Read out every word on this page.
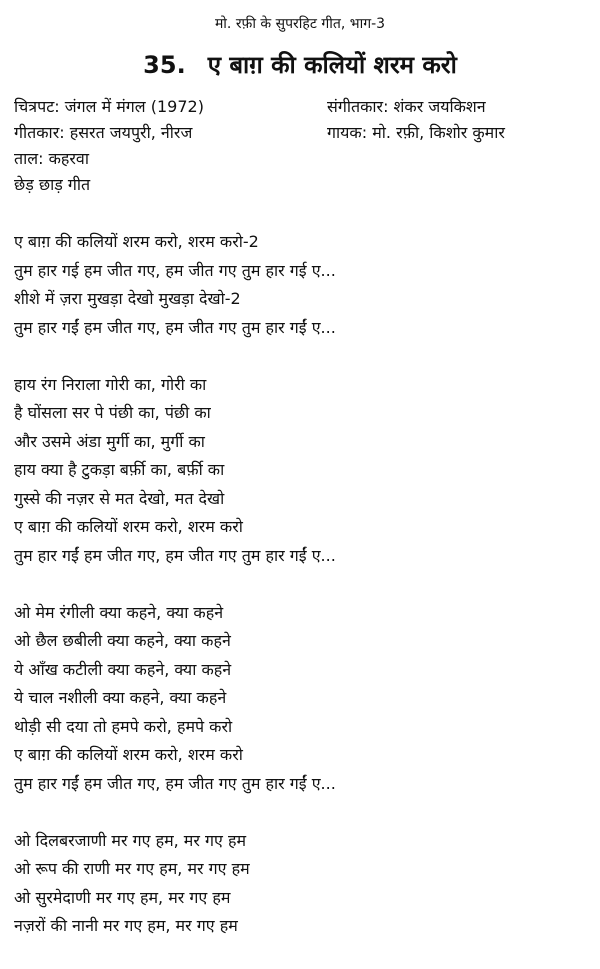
मो. रफ़ी के सुपरहिट गीत, भाग-3
35. ए बाग़ की कलियों शरम करो
चित्रपट: जंगल में मंगल (1972)	संगीतकार: शंकर जयकिशन
गीतकार: हसरत जयपुरी, नीरज	गायक: मो. रफ़ी, किशोर कुमार
ताल: कहरवा
छेड़ छाड़ गीत
ए बाग़ की कलियों शरम करो, शरम करो-2
तुम हार गई हम जीत गए, हम जीत गए तुम हार गई ए...
शीशे में ज़रा मुखड़ा देखो मुखड़ा देखो-2
तुम हार गईं हम जीत गए, हम जीत गए तुम हार गईं ए...
हाय रंग निराला गोरी का, गोरी का
है घोंसला सर पे पंछी का, पंछी का
और उसमे अंडा मुर्गी का, मुर्गी का
हाय क्या है टुकड़ा बर्फ़ी का, बर्फ़ी का
गुस्से की नज़र से मत देखो, मत देखो
ए बाग़ की कलियों शरम करो, शरम करो
तुम हार गईं हम जीत गए, हम जीत गए तुम हार गईं ए...
ओ मेम रंगीली क्या कहने, क्या कहने
ओ छैल छबीली क्या कहने, क्या कहने
ये आँख कटीली क्या कहने, क्या कहने
ये चाल नशीली क्या कहने, क्या कहने
थोड़ी सी दया तो हमपे करो, हमपे करो
ए बाग़ की कलियों शरम करो, शरम करो
तुम हार गईं हम जीत गए, हम जीत गए तुम हार गईं ए...
ओ दिलबरजाणी मर गए हम, मर गए हम
ओ रूप की राणी मर गए हम, मर गए हम
ओ सुरमेदाणी मर गए हम, मर गए हम
नज़रों की नानी मर गए हम, मर गए हम
